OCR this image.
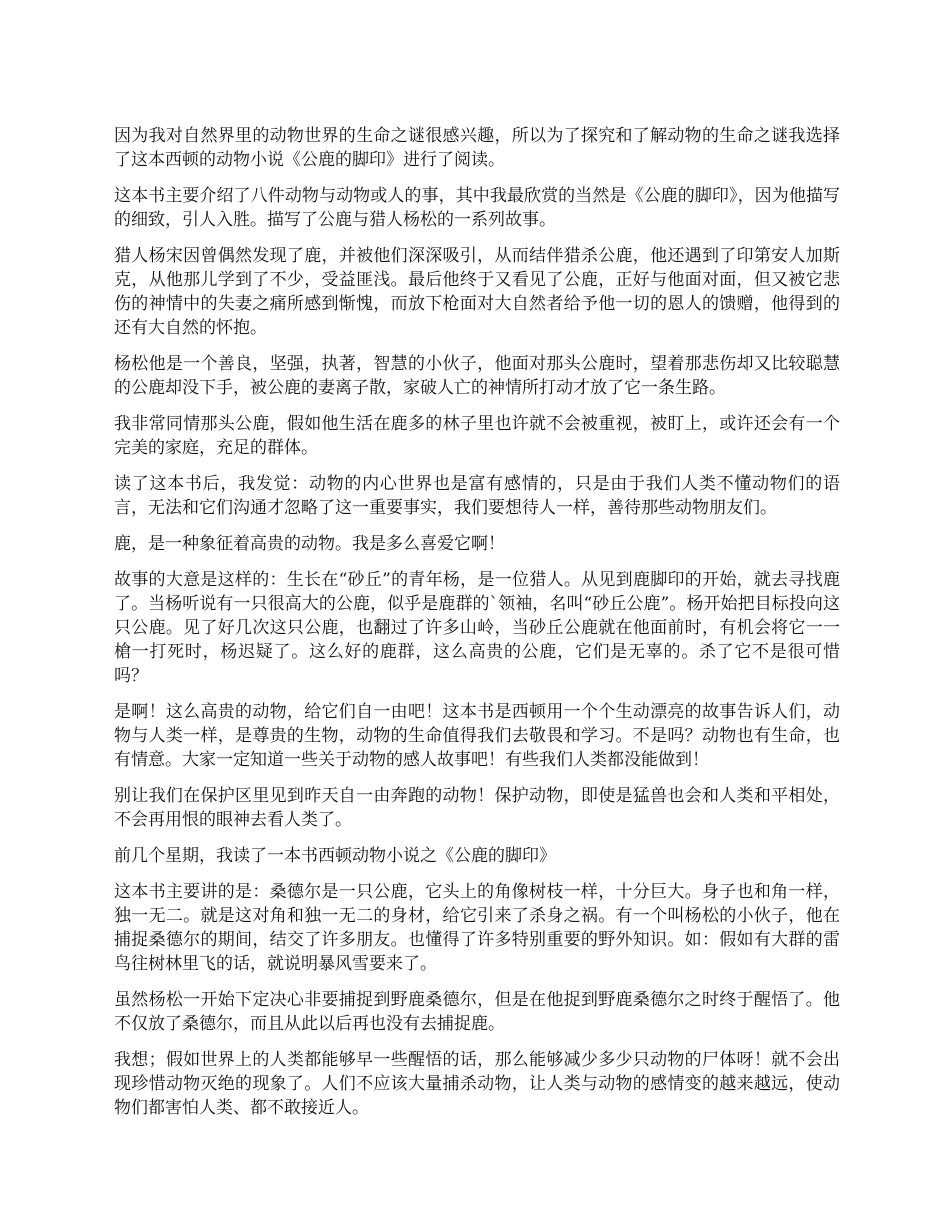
因为我对自然界里的动物世界的生命之谜很感兴趣，所以为了探究和了解动物的生命之谜我选择了这本西顿的动物小说《公鹿的脚印》进行了阅读。

这本书主要介绍了八件动物与动物或人的事，其中我最欣赏的当然是《公鹿的脚印》，因为他描写的细致，引人入胜。描写了公鹿与猎人杨松的一系列故事。

猎人杨宋因曾偶然发现了鹿，并被他们深深吸引，从而结伴猎杀公鹿，他还遇到了印第安人加斯克，从他那儿学到了不少，受益匪浅。最后他终于又看见了公鹿，正好与他面对面，但又被它悲伤的神情中的失妻之痛所感到惭愧，而放下枪面对大自然者给予他一切的恩人的馈赠，他得到的还有大自然的怀抱。

杨松他是一个善良，坚强，执著，智慧的小伙子，他面对那头公鹿时，望着那悲伤却又比较聪慧的公鹿却没下手，被公鹿的妻离子散，家破人亡的神情所打动才放了它一条生路。

我非常同情那头公鹿，假如他生活在鹿多的林子里也许就不会被重视，被盯上，或许还会有一个完美的家庭，充足的群体。

读了这本书后，我发觉：动物的内心世界也是富有感情的，只是由于我们人类不懂动物们的语言，无法和它们沟通才忽略了这一重要事实，我们要想待人一样，善待那些动物朋友们。

鹿，是一种象征着高贵的动物。我是多么喜爱它啊！

故事的大意是这样的：生长在“砂丘”的青年杨，是一位猎人。从见到鹿脚印的开始，就去寻找鹿了。当杨听说有一只很高大的公鹿，似乎是鹿群的`领袖，名叫“砂丘公鹿”。杨开始把目标投向这只公鹿。见了好几次这只公鹿，也翻过了许多山岭，当砂丘公鹿就在他面前时，有机会将它一一槍一打死时，杨迟疑了。这么好的鹿群，这么高贵的公鹿，它们是无辜的。杀了它不是很可惜吗？

是啊！这么高贵的动物，给它们自一由吧！这本书是西顿用一个个生动漂亮的故事告诉人们，动物与人类一样，是尊贵的生物，动物的生命值得我们去敬畏和学习。不是吗？动物也有生命，也有情意。大家一定知道一些关于动物的感人故事吧！有些我们人类都没能做到！

别让我们在保护区里见到昨天自一由奔跑的动物！保护动物，即使是猛兽也会和人类和平相处，不会再用恨的眼神去看人类了。

前几个星期，我读了一本书西顿动物小说之《公鹿的脚印》

这本书主要讲的是：桑德尔是一只公鹿，它头上的角像树枝一样，十分巨大。身子也和角一样，独一无二。就是这对角和独一无二的身材，给它引来了杀身之祸。有一个叫杨松的小伙子，他在捕捉桑德尔的期间，结交了许多朋友。也懂得了许多特别重要的野外知识。如：假如有大群的雷鸟往树林里飞的话，就说明暴风雪要来了。

虽然杨松一开始下定决心非要捕捉到野鹿桑德尔，但是在他捉到野鹿桑德尔之时终于醒悟了。他不仅放了桑德尔，而且从此以后再也没有去捕捉鹿。

我想；假如世界上的人类都能够早一些醒悟的话，那么能够减少多少只动物的尸体呀！就不会出现珍惜动物灭绝的现象了。人们不应该大量捕杀动物，让人类与动物的感情变的越来越远，使动物们都害怕人类、都不敢接近人。
